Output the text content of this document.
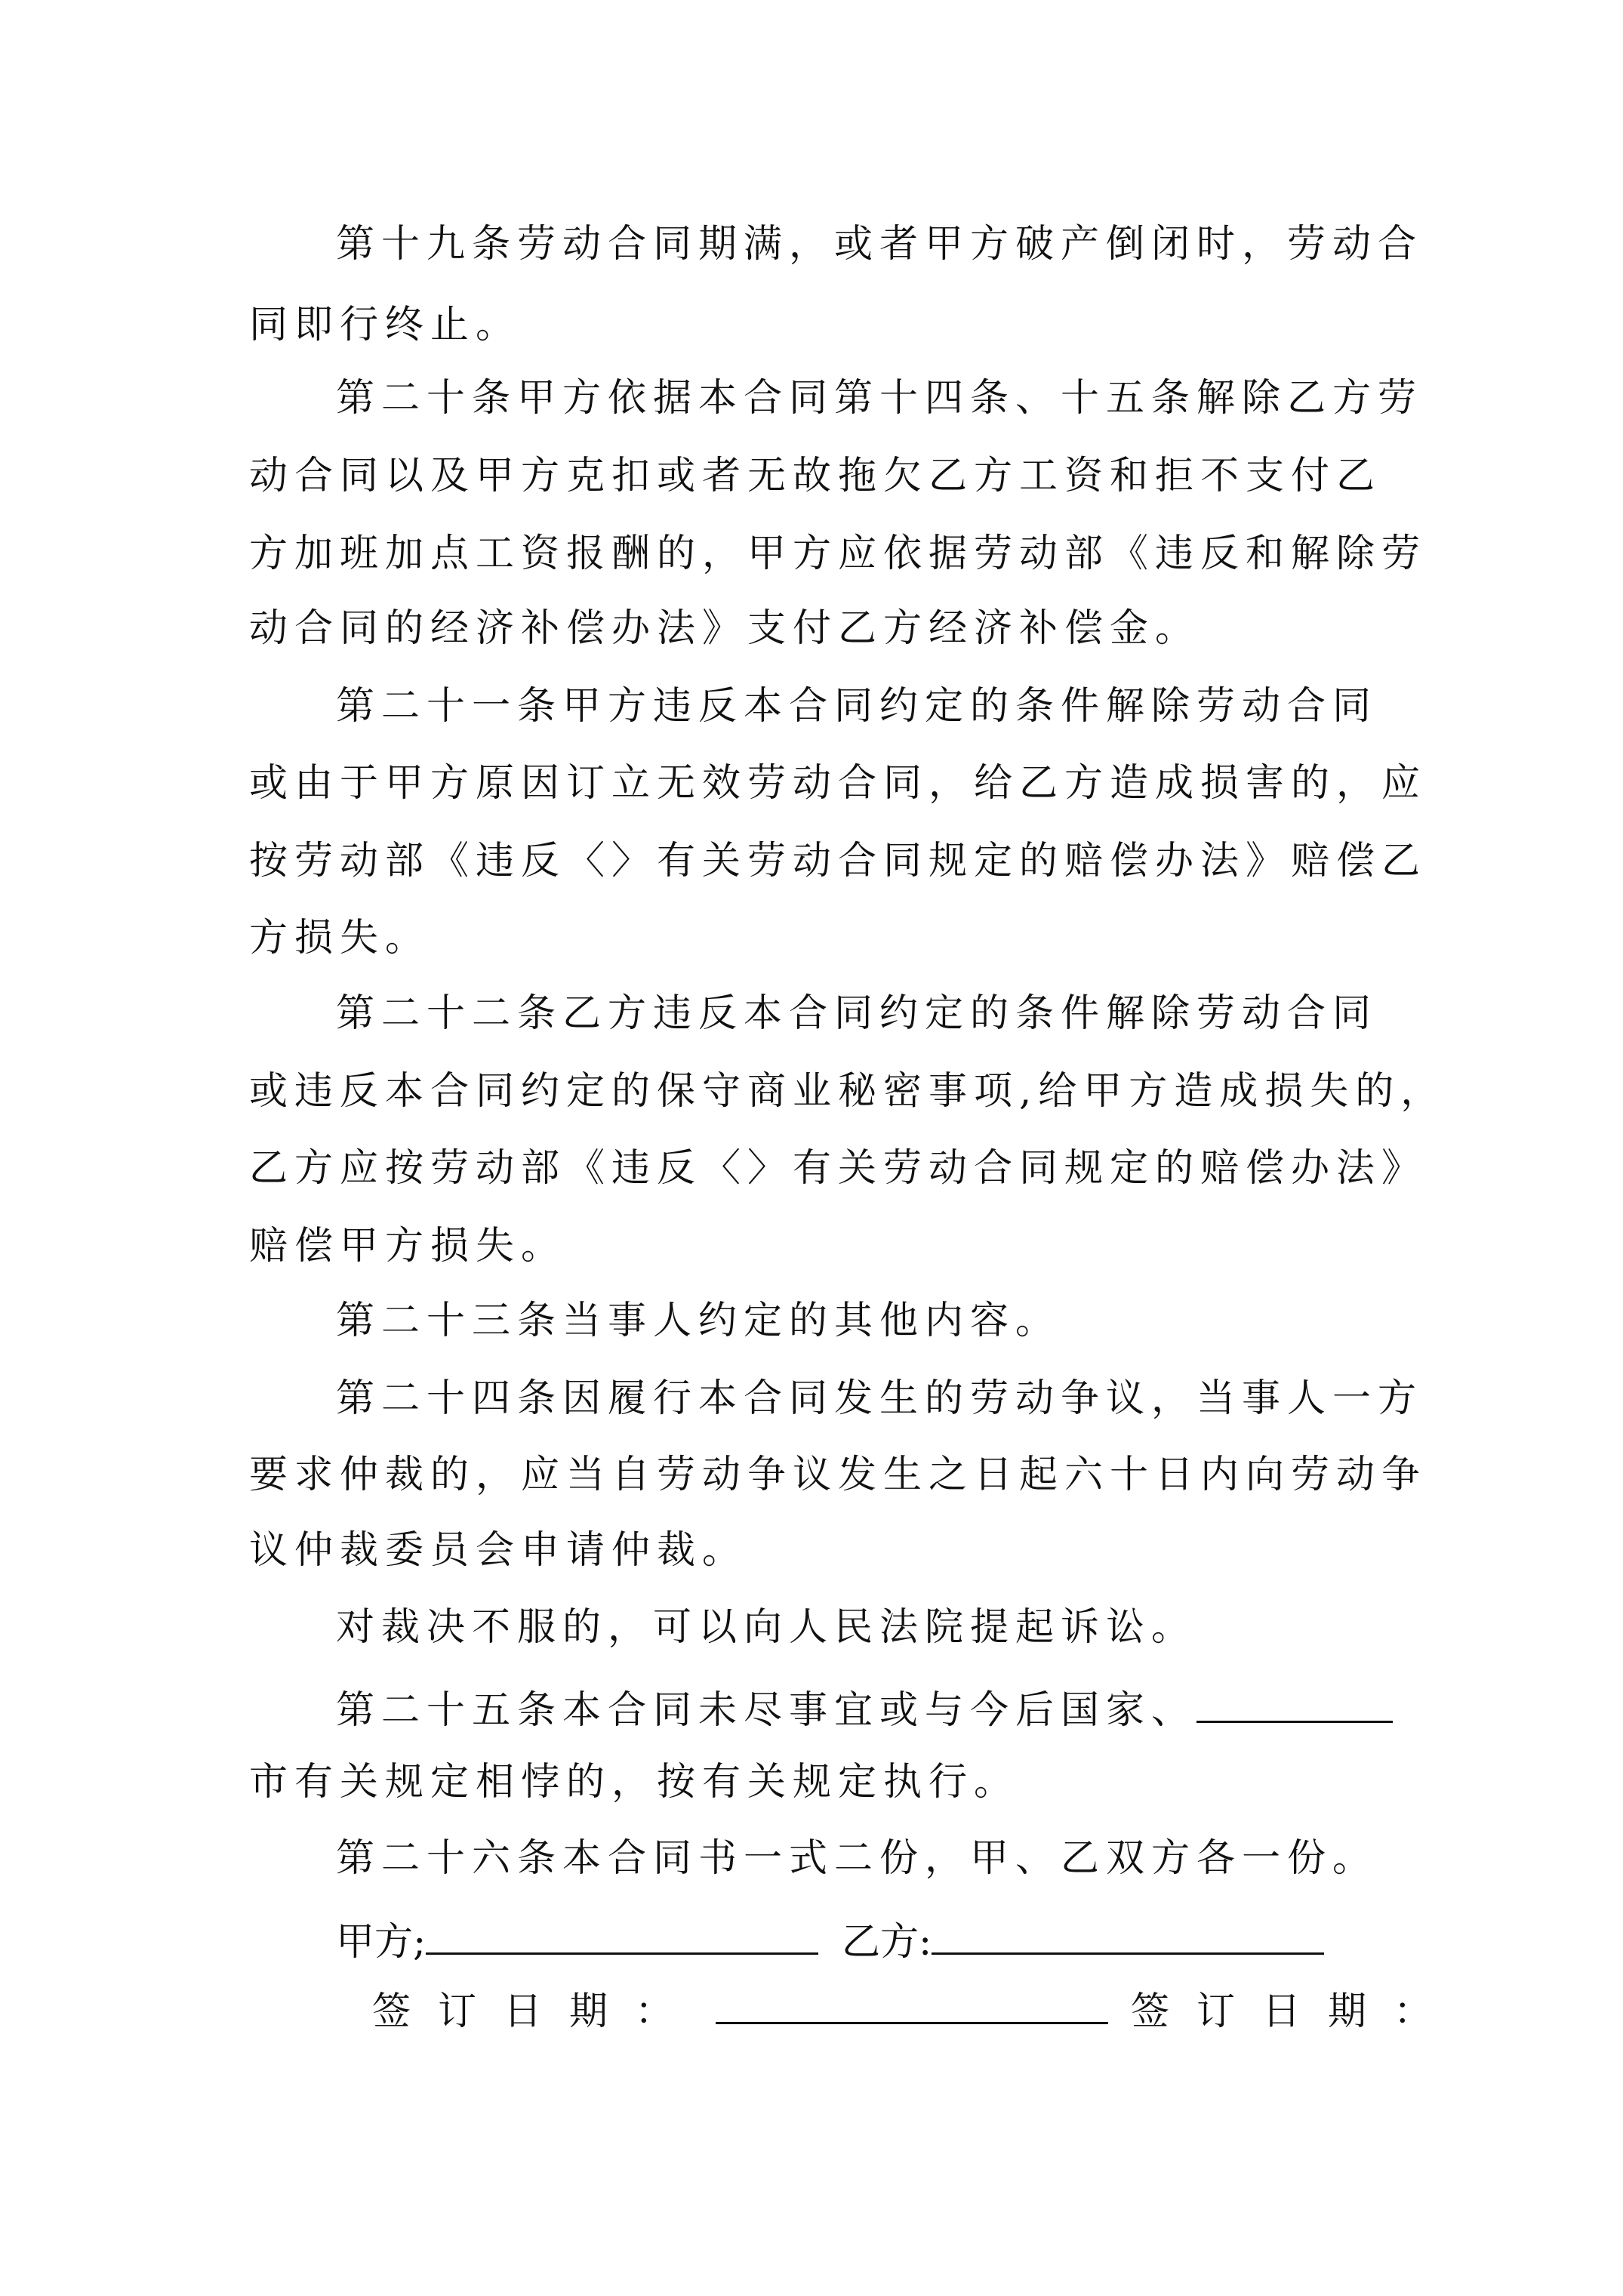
第十九条劳动合同期满，或者甲方破产倒闭时，劳动合
同即行终止。
第二十条甲方依据本合同第十四条、十五条解除乙方劳
动合同以及甲方克扣或者无故拖欠乙方工资和拒不支付乙
方加班加点工资报酬的，甲方应依据劳动部《违反和解除劳
动合同的经济补偿办法》支付乙方经济补偿金。
第二十一条甲方违反本合同约定的条件解除劳动合同
或由于甲方原因订立无效劳动合同，给乙方造成损害的，应
按劳动部《违反〈〉有关劳动合同规定的赔偿办法》赔偿乙
方损失。
第二十二条乙方违反本合同约定的条件解除劳动合同
或违反本合同约定的保守商业秘密事项,给甲方造成损失的，
乙方应按劳动部《违反〈〉有关劳动合同规定的赔偿办法》
赔偿甲方损失。
第二十三条当事人约定的其他内容。
第二十四条因履行本合同发生的劳动争议，当事人一方
要求仲裁的，应当自劳动争议发生之日起六十日内向劳动争
议仲裁委员会申请仲裁。
对裁决不服的，可以向人民法院提起诉讼。
第二十五条本合同未尽事宜或与今后国家、
市有关规定相悖的，按有关规定执行。
第二十六条本合同书一式二份，甲、乙双方各一份。
甲方;	乙方:
签订日期：	签订日期：
